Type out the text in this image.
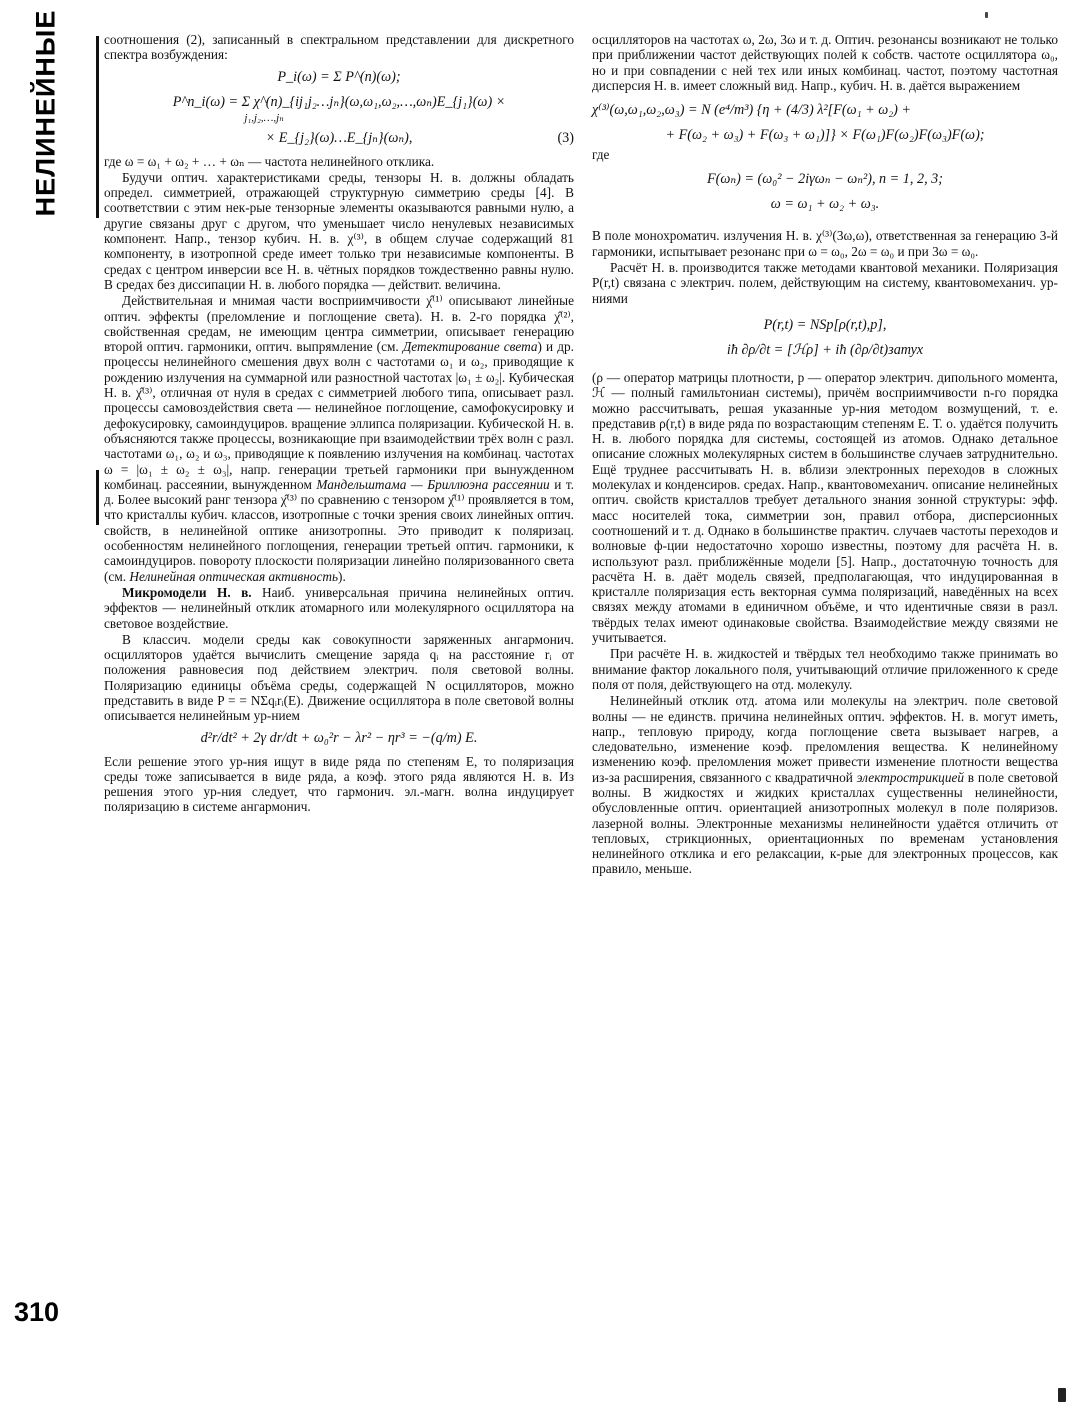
НЕЛИНЕЙНЫЕ
310

соотношения (2), записанный в спектральном представлении для дискретного спектра возбуждения:

P_i(ω) = Σ P^(n)(ω);
P^n_i(ω) = Σ χ^(n)_{ij₁j₂…jₙ}(ω,ω₁,ω₂,…,ωₙ)E_{j₁}(ω) ×
j₁,j₂,…,jₙ
× E_{j₂}(ω)…E_{jₙ}(ωₙ),	(3)

где ω = ω₁ + ω₂ + … + ωₙ — частота нелинейного отклика.

Будучи оптич. характеристиками среды, тензоры Н. в. должны обладать определ. симметрией, отражающей структурную симметрию среды [4]. В соответствии с этим нек-рые тензорные элементы оказываются равными нулю, а другие связаны друг с другом, что уменьшает число ненулевых независимых компонент. Напр., тензор кубич. Н. в. χ⁽³⁾, в общем случае содержащий 81 компоненту, в изотропной среде имеет только три независимые компоненты. В средах с центром инверсии все Н. в. чётных порядков тождественно равны нулю. В средах без диссипации Н. в. любого порядка — действит. величина.

Действительная и мнимая части восприимчивости χ̂⁽¹⁾ описывают линейные оптич. эффекты (преломление и поглощение света). Н. в. 2-го порядка χ̂⁽²⁾, свойственная средам, не имеющим центра симметрии, описывает генерацию второй оптич. гармоники, оптич. выпрямление (см. Детектирование света) и др. процессы нелинейного смешения двух волн с частотами ω₁ и ω₂, приводящие к рождению излучения на суммарной или разностной частотах |ω₁ ± ω₂|. Кубическая Н. в. χ̂⁽³⁾, отличная от нуля в средах с симметрией любого типа, описывает разл. процессы самовоздействия света — нелинейное поглощение, самофокусировку и дефокусировку, самоиндуциров. вращение эллипса поляризации. Кубической Н. в. объясняются также процессы, возникающие при взаимодействии трёх волн с разл. частотами ω₁, ω₂ и ω₃, приводящие к появлению излучения на комбинац. частотах ω = |ω₁ ± ω₂ ± ω₃|, напр. генерации третьей гармоники при вынужденном комбинац. рассеянии, вынужденном Мандельштама — Бриллюэна рассеянии и т. д. Более высокий ранг тензора χ̂⁽³⁾ по сравнению с тензором χ̂⁽¹⁾ проявляется в том, что кристаллы кубич. классов, изотропные с точки зрения своих линейных оптич. свойств, в нелинейной оптике анизотропны. Это приводит к поляризац. особенностям нелинейного поглощения, генерации третьей оптич. гармоники, к самоиндуциров. повороту плоскости поляризации линейно поляризованного света (см. Нелинейная оптическая активность).

Микромодели Н. в. Наиб. универсальная причина нелинейных оптич. эффектов — нелинейный отклик атомарного или молекулярного осциллятора на световое воздействие.

В классич. модели среды как совокупности заряженных ангармонич. осцилляторов удаётся вычислить смещение заряда qᵢ на расстояние rᵢ от положения равновесия под действием электрич. поля световой волны. Поляризацию единицы объёма среды, содержащей N осцилляторов, можно представить в виде P = = NΣqᵢrᵢ(E). Движение осциллятора в поле световой волны описывается нелинейным ур-нием

d²r/dt² + 2γ dr/dt + ω₀²r − λr² − ηr³ = −(q/m) E.

Если решение этого ур-ния ищут в виде ряда по степеням E, то поляризация среды тоже записывается в виде ряда, а коэф. этого ряда являются Н. в. Из решения этого ур-ния следует, что гармонич. эл.-магн. волна индуцирует поляризацию в системе ангармонич.

осцилляторов на частотах ω, 2ω, 3ω и т. д. Оптич. резонансы возникают не только при приближении частот действующих полей к собств. частоте осциллятора ω₀, но и при совпадении с ней тех или иных комбинац. частот, поэтому частотная дисперсия Н. в. имеет сложный вид. Напр., кубич. Н. в. даётся выражением

χ⁽³⁾(ω,ω₁,ω₂,ω₃) = N (e⁴/m³) {η + (4/3) λ²[F(ω₁ + ω₂) +
+ F(ω₂ + ω₃) + F(ω₃ + ω₁)]} × F(ω₁)F(ω₂)F(ω₃)F(ω);

где

F(ωₙ) = (ω₀² − 2iγωₙ − ωₙ²), n = 1, 2, 3;
ω = ω₁ + ω₂ + ω₃.

В поле монохроматич. излучения Н. в. χ⁽³⁾(3ω,ω), ответственная за генерацию 3-й гармоники, испытывает резонанс при ω = ω₀, 2ω = ω₀ и при 3ω = ω₀.

Расчёт Н. в. производится также методами квантовой механики. Поляризация P(r,t) связана с электрич. полем, действующим на систему, квантовомеханич. ур-ниями

P(r,t) = NSp[ρ(r,t),p],
iħ ∂ρ/∂t = [ℋρ] + iħ (∂ρ/∂t)затух

(ρ — оператор матрицы плотности, p — оператор электрич. дипольного момента, ℋ — полный гамильтониан системы), причём восприимчивости n-го порядка можно рассчитывать, решая указанные ур-ния методом возмущений, т. е. представив ρ(r,t) в виде ряда по возрастающим степеням E. Т. о. удаётся получить Н. в. любого порядка для системы, состоящей из атомов. Однако детальное описание сложных молекулярных систем в большинстве случаев затруднительно. Ещё труднее рассчитывать Н. в. вблизи электронных переходов в сложных молекулах и конденсиров. средах. Напр., квантовомеханич. описание нелинейных оптич. свойств кристаллов требует детального знания зонной структуры: эфф. масс носителей тока, симметрии зон, правил отбора, дисперсионных соотношений и т. д. Однако в большинстве практич. случаев частоты переходов и волновые ф-ции недостаточно хорошо известны, поэтому для расчёта Н. в. используют разл. приближённые модели [5]. Напр., достаточную точность для расчёта Н. в. даёт модель связей, предполагающая, что индуцированная в кристалле поляризация есть векторная сумма поляризаций, наведённых на всех связях между атомами в единичном объёме, и что идентичные связи в разл. твёрдых телах имеют одинаковые свойства. Взаимодействие между связями не учитывается.

При расчёте Н. в. жидкостей и твёрдых тел необходимо также принимать во внимание фактор локального поля, учитывающий отличие приложенного к среде поля от поля, действующего на отд. молекулу.

Нелинейный отклик отд. атома или молекулы на электрич. поле световой волны — не единств. причина нелинейных оптич. эффектов. Н. в. могут иметь, напр., тепловую природу, когда поглощение света вызывает нагрев, а следовательно, изменение коэф. преломления вещества. К нелинейному изменению коэф. преломления может привести изменение плотности вещества из-за расширения, связанного с квадратичной электрострикцией в поле световой волны. В жидкостях и жидких кристаллах существенны нелинейности, обусловленные оптич. ориентацией анизотропных молекул в поле поляризов. лазерной волны. Электронные механизмы нелинейности удаётся отличить от тепловых, стрикционных, ориентационных по временам установления нелинейного отклика и его релаксации, к-рые для электронных процессов, как правило, меньше.
